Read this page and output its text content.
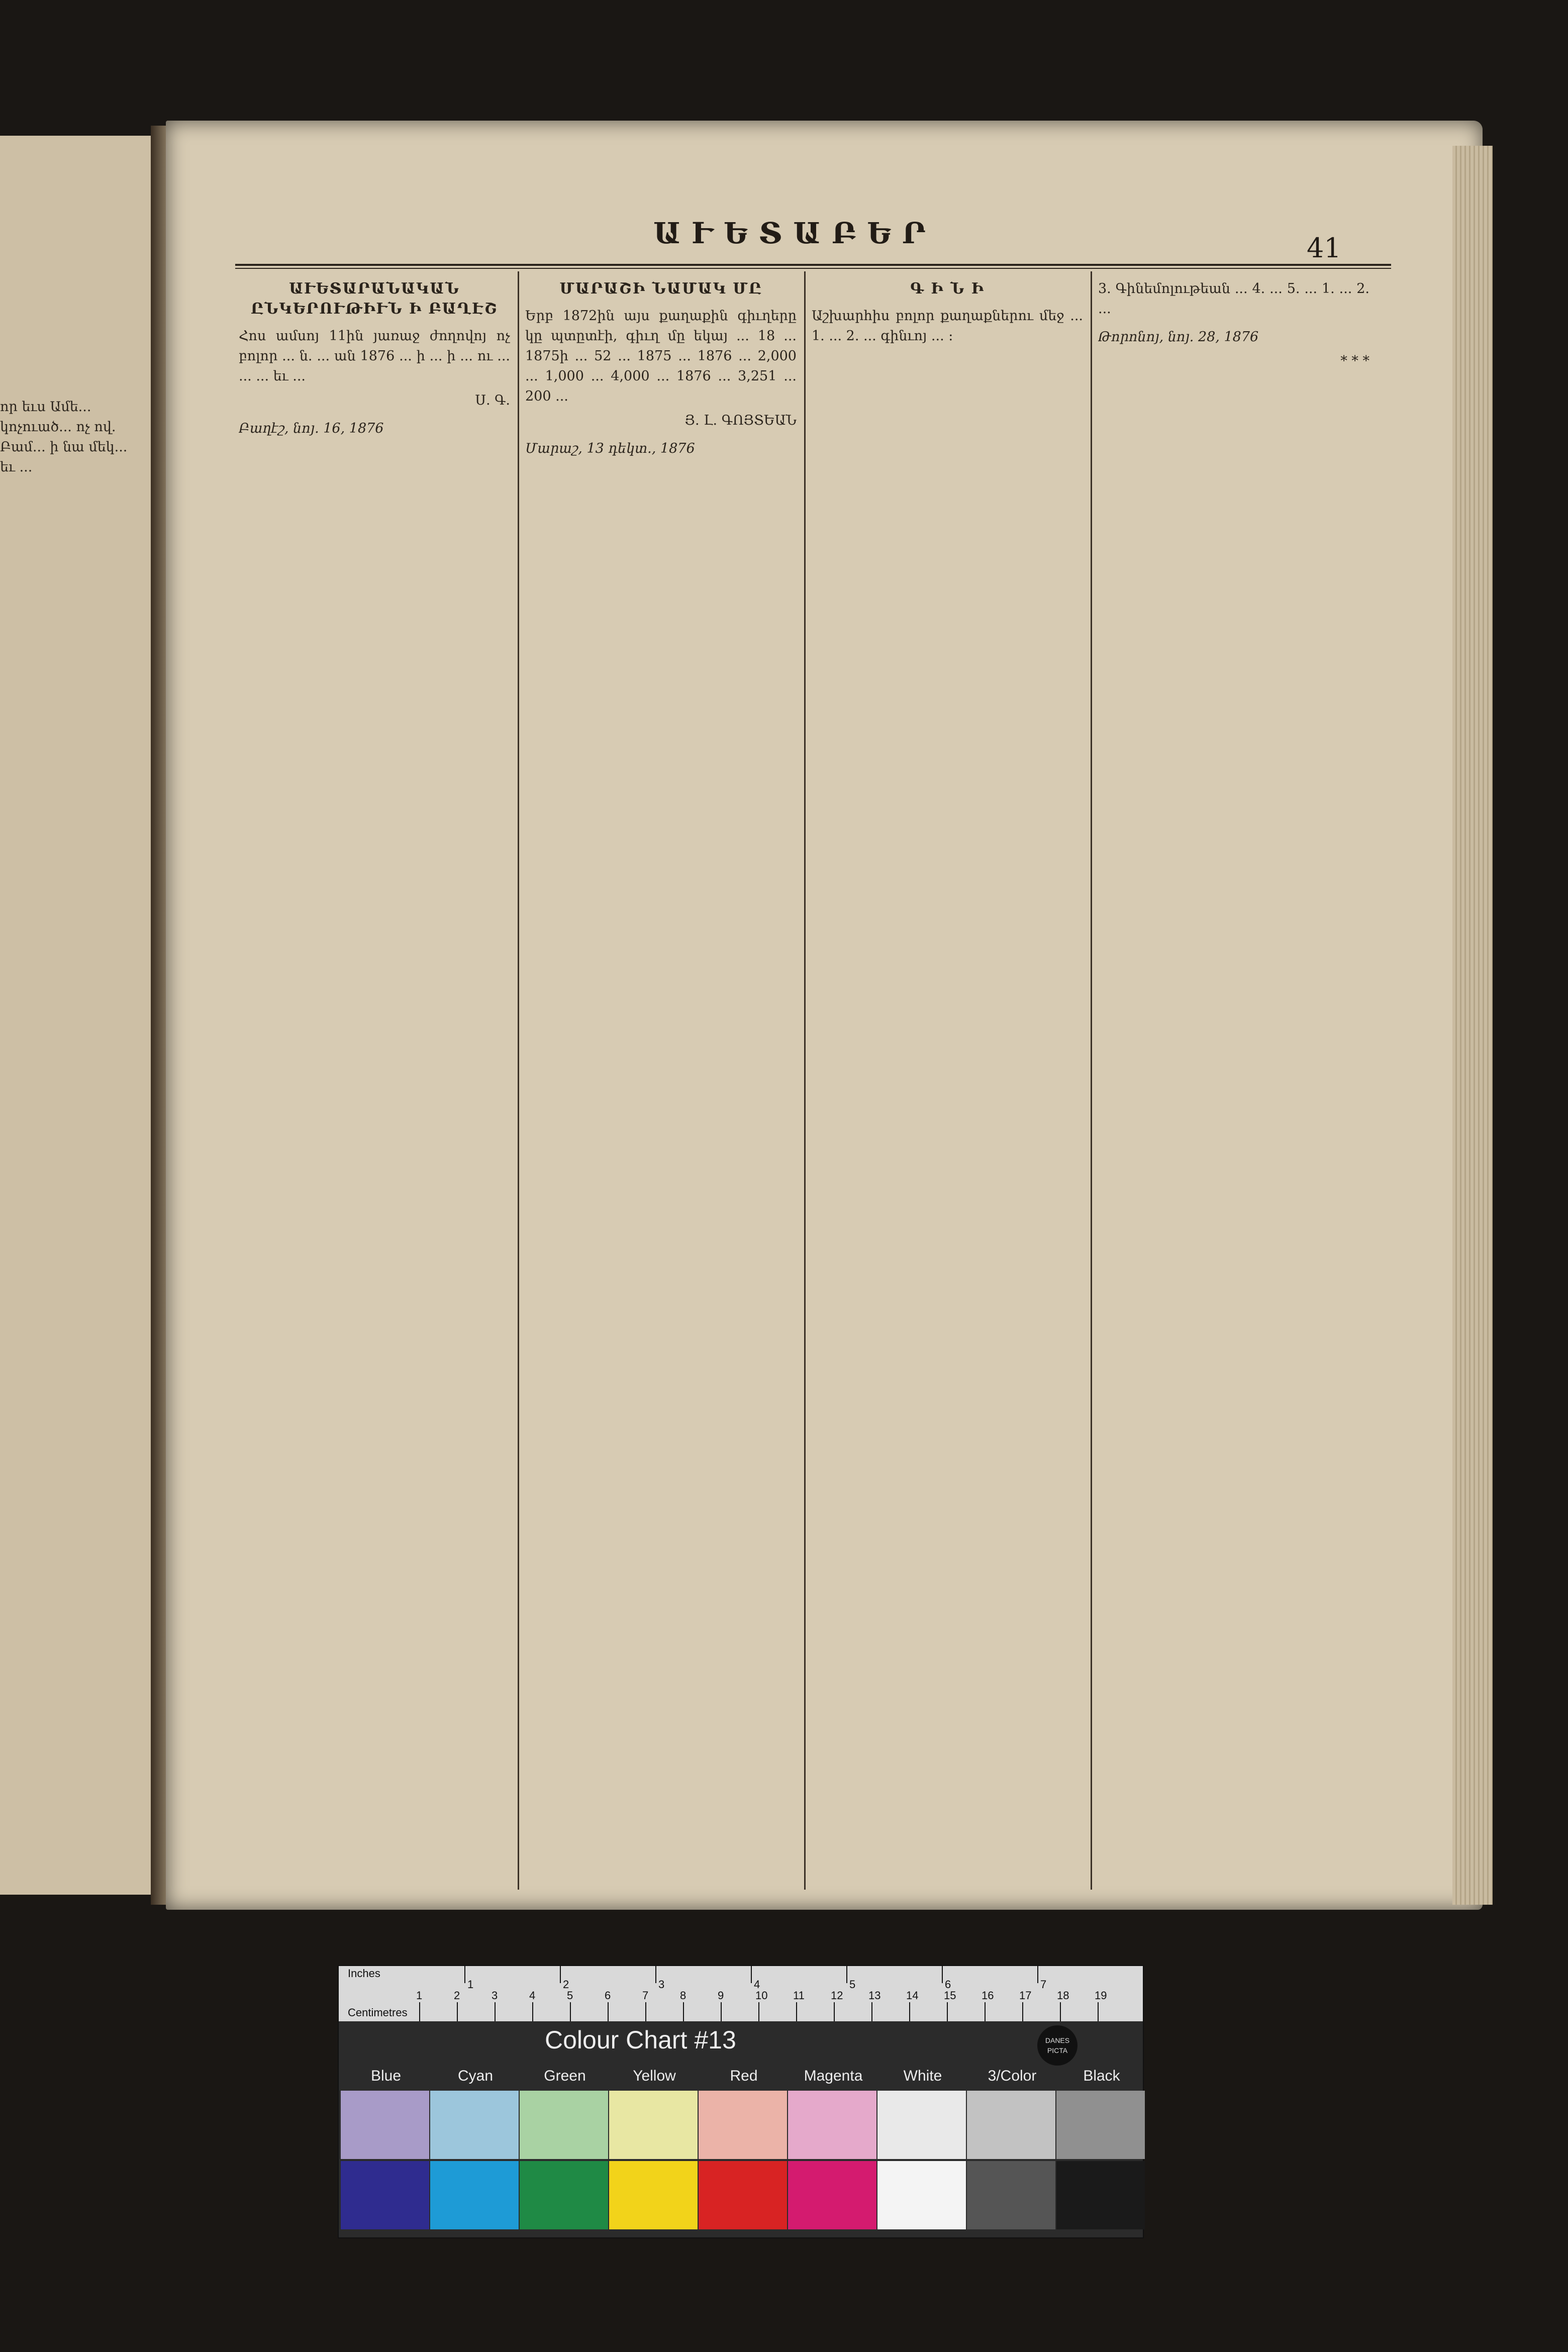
որ եւս Ամե... կոչուած... ոչ ով. Բամ... ի նա մեկ... եւ ...
ԱՒԵՏԱԲԵՐ	41
ԱՒԵՏԱՐԱՆԱԿԱՆ ԸՆԿԵՐՈՒԹԻՒՆ Ի ԲԱՂԷՇ
Հոս ամսոյ 11ին յառաջ ժողովոյ ոչ բոլոր ... ն. ... ան 1876 ... ի ... ի ... ու ... ... ... եւ ...
Ս. Գ.
Բաղէշ, նոյ. 16, 1876
ՄԱՐԱՇԻ ՆԱՄԱԿ ՄԸ
Երբ 1872ին այս քաղաքին գիւղերը կը պտըտէի, գիւղ մը եկայ ... 18 ... 1875ի ... 52 ... 1875 ... 1876 ... 2,000 ... 1,000 ... 4,000 ... 1876 ... 3,251 ... 200 ...
Յ. Լ. ԳՈՅՏԵԱՆ
Մարաշ, 13 դեկտ., 1876
Գ Ի Ն Ի
Աշխարհիս բոլոր քաղաքներու մեջ ... 1. ... 2. ... գինւոյ ... ։
3. Գինեմոլութեան ... 4. ... 5. ... 1. ... 2. ...
Թորոնոյ, նոյ. 28, 1876
* * *
Inches
Centimetres
1	2	3	4	5	6	7
1	2	3	4	5	6	7	8	9	10 11 12 13 14 15 16 17 18 19
Colour Chart #13	DANES PICTA
Blue	Cyan	Green	Yellow	Red	Magenta	White	3/Color	Black
